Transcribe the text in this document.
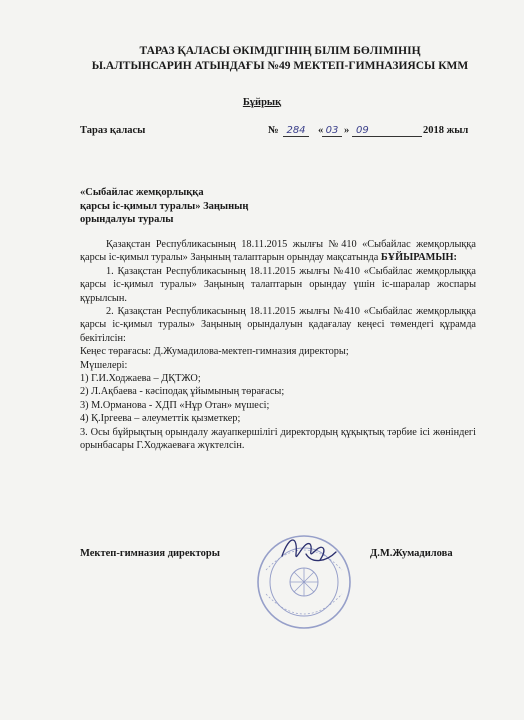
ТАРАЗ ҚАЛАСЫ ӘКІМДІГІНІҢ БІЛІМ БӨЛІМІНІҢ
Ы.АЛТЫНСАРИН АТЫНДАҒЫ №49 МЕКТЕП-ГИМНАЗИЯСЫ КММ
Бұйрық
Тараз қаласы	№ 284	« 03 » 09	2018 жыл
«Сыбайлас жемқорлыққа
қарсы іс-қимыл туралы» Заңының
орындалуы туралы

Қазақстан Республикасының 18.11.2015 жылғы №410 «Сыбайлас жемқорлыққа қарсы іс-қимыл туралы» Заңының талаптарын орындау мақсатында БҰЙЫРАМЫН:

1. Қазақстан Республикасының 18.11.2015 жылғы №410 «Сыбайлас жемқорлыққа қарсы іс-қимыл туралы» Заңының талаптарын орындау үшін іс-шаралар жоспары құрылсын.

2. Қазақстан Республикасының 18.11.2015 жылғы №410 «Сыбайлас жемқорлыққа қарсы іс-қимыл туралы» Заңының орындалуын қадағалау кеңесі төмендегі құрамда бекітілсін:

Кеңес төрағасы: Д.Жумадилова-мектеп-гимназия директоры;

Мүшелері:

1) Г.И.Ходжаева – ДҚТЖО;

2) Л.Ақбаева - кәсіподақ ұйымының төрағасы;

3) М.Орманова - ХДП «Нұр Отан» мүшесі;

4) Қ.Іргеева – әлеуметтік қызметкер;

3. Осы бұйрықтың орындалу жауапкершілігі директордың құқықтық тәрбие ісі жөніндегі орынбасары Г.Ходжаеваға жүктелсін.

Мектеп-гимназия директоры	Д.М.Жумадилова
